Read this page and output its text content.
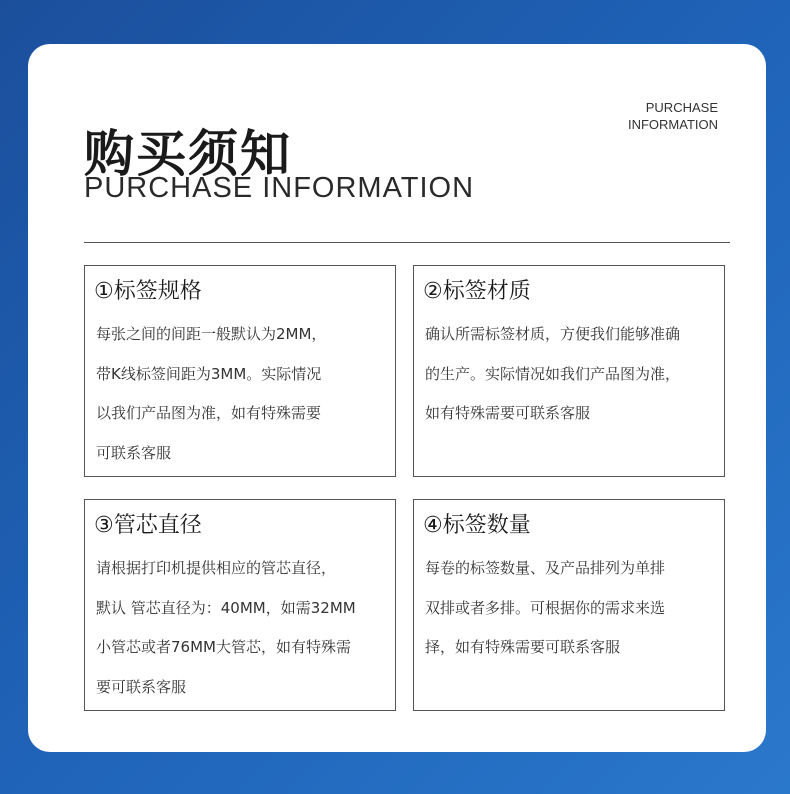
购买须知
PURCHASE INFORMATION
PURCHASE
INFORMATION
①标签规格
每张之间的间距一般默认为2MM，
带K线标签间距为3MM。实际情况
以我们产品图为准，如有特殊需要
可联系客服
②标签材质
确认所需标签材质，方便我们能够准确
的生产。实际情况如我们产品图为准，
如有特殊需要可联系客服
③管芯直径
请根据打印机提供相应的管芯直径，
默认 管芯直径为：40MM，如需32MM
小管芯或者76MM大管芯，如有特殊需
要可联系客服
④标签数量
每卷的标签数量、及产品排列为单排
双排或者多排。可根据你的需求来选
择，如有特殊需要可联系客服
